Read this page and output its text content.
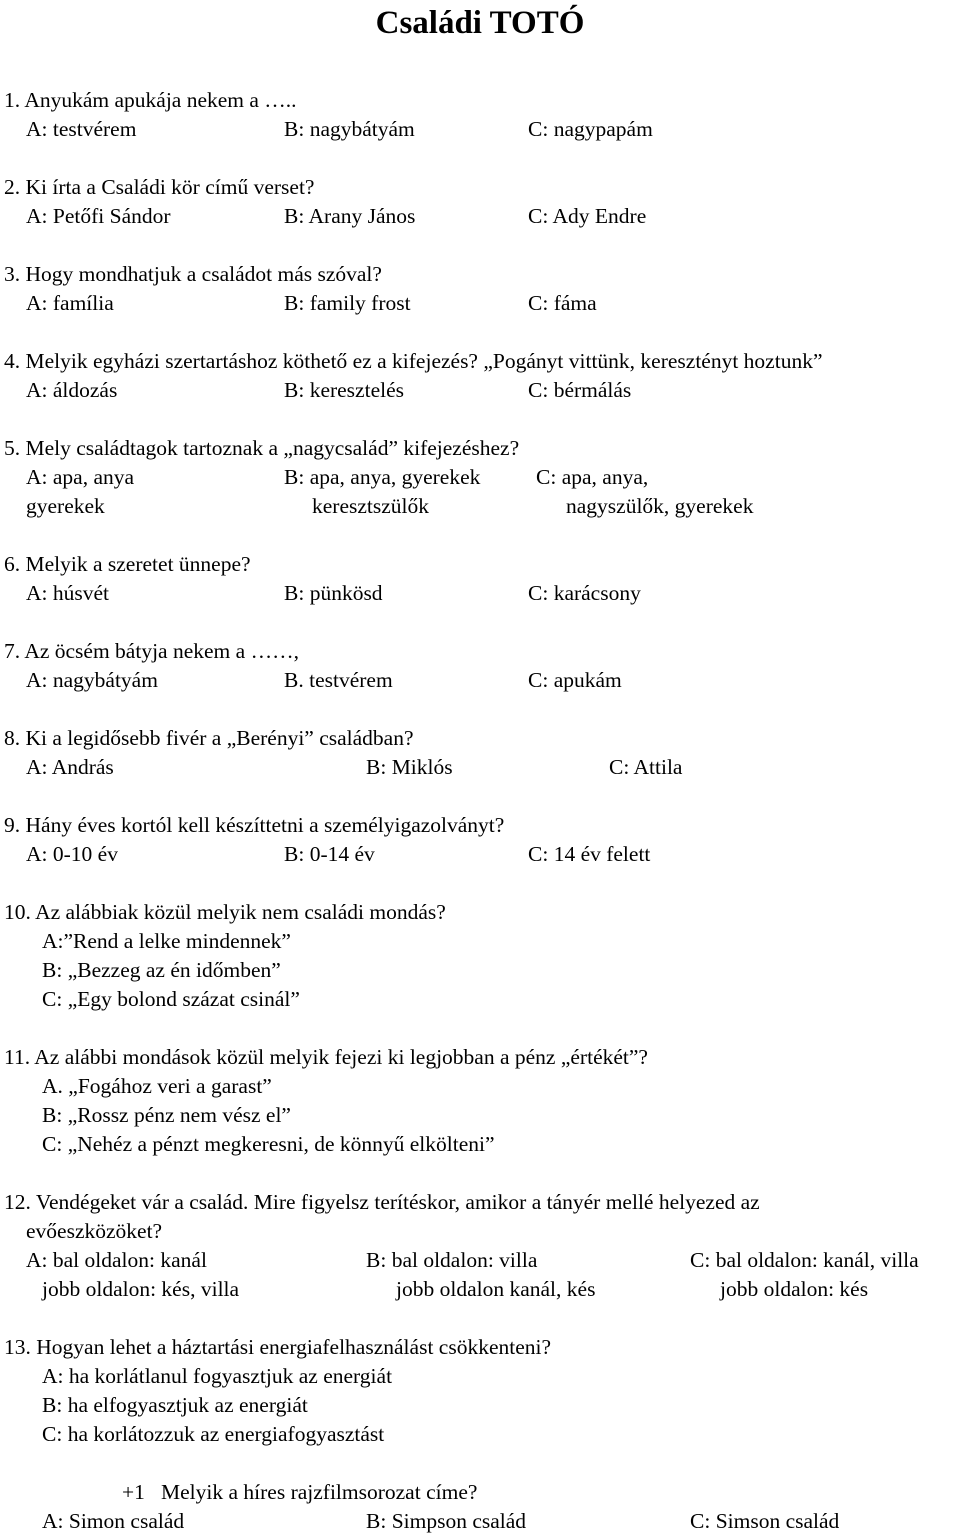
Családi TOTÓ
1. Anyukám apukája nekem a …..
A: testvérem	B: nagybátyám	C: nagypapám
2. Ki írta a Családi kör című verset?
A: Petőfi Sándor	B: Arany János	C: Ady Endre
3. Hogy mondhatjuk a családot más szóval?
A: família	B: family frost	C: fáma
4. Melyik egyházi szertartáshoz köthető ez a kifejezés? „Pogányt vittünk, keresztényt hoztunk”
A: áldozás	B: keresztelés	C: bérmálás
5. Mely családtagok tartoznak a „nagycsalád” kifejezéshez?
A: apa, anya	B: apa, anya, gyerekek	C: apa, anya,
gyerekek	keresztszülők	nagyszülők, gyerekek
6. Melyik a szeretet ünnepe?
A: húsvét	B: pünkösd	C: karácsony
7. Az öcsém bátyja nekem a ……,
A: nagybátyám	B. testvérem	C: apukám
8. Ki a legidősebb fivér a „Berényi” családban?
A: András	B: Miklós	C: Attila
9. Hány éves kortól kell készíttetni a személyigazolványt?
A: 0-10 év	B: 0-14 év	C: 14 év felett
10. Az alábbiak közül melyik nem családi mondás?
A:”Rend a lelke mindennek”
B: „Bezzeg az én időmben”
C: „Egy bolond százat csinál”
11. Az alábbi mondások közül melyik fejezi ki legjobban a pénz „értékét”?
A. „Fogához veri a garast”
B: „Rossz pénz nem vész el”
C: „Nehéz a pénzt megkeresni, de könnyű elkölteni”
12. Vendégeket vár a család. Mire figyelsz terítéskor, amikor a tányér mellé helyezed az
evőeszközöket?
A: bal oldalon: kanál	B: bal oldalon: villa	C: bal oldalon: kanál, villa
jobb oldalon: kés, villa	jobb oldalon kanál, kés	jobb oldalon: kés
13. Hogyan lehet a háztartási energiafelhasználást csökkenteni?
A: ha korlátlanul fogyasztjuk az energiát
B: ha elfogyasztjuk az energiát
C: ha korlátozzuk az energiafogyasztást
+1   Melyik a híres rajzfilmsorozat címe?
A: Simon család	B: Simpson család	C: Simson család
